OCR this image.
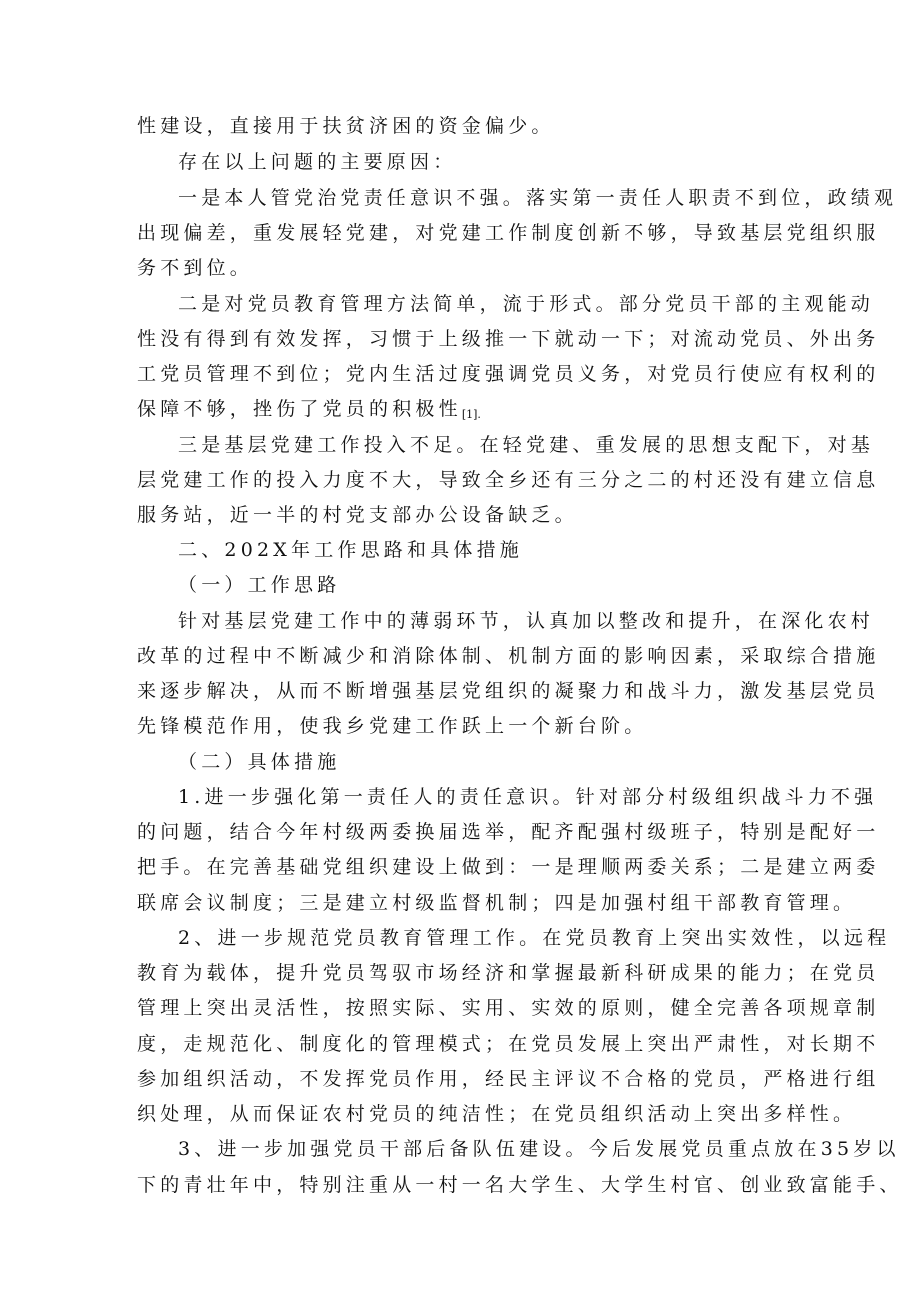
性建设，直接用于扶贫济困的资金偏少。

存在以上问题的主要原因：

一是本人管党治党责任意识不强。落实第一责任人职责不到位，政绩观

出现偏差，重发展轻党建，对党建工作制度创新不够，导致基层党组织服

务不到位。

二是对党员教育管理方法简单，流于形式。部分党员干部的主观能动

性没有得到有效发挥，习惯于上级推一下就动一下；对流动党员、外出务

工党员管理不到位；党内生活过度强调党员义务，对党员行使应有权利的

保障不够，挫伤了党员的积极性$_{[1].}$

三是基层党建工作投入不足。在轻党建、重发展的思想支配下，对基

层党建工作的投入力度不大，导致全乡还有三分之二的村还没有建立信息

服务站，近一半的村党支部办公设备缺乏。

二、202X年工作思路和具体措施

（一）工作思路

针对基层党建工作中的薄弱环节，认真加以整改和提升，在深化农村

改革的过程中不断减少和消除体制、机制方面的影响因素，采取综合措施

来逐步解决，从而不断增强基层党组织的凝聚力和战斗力，激发基层党员

先锋模范作用，使我乡党建工作跃上一个新台阶。

（二）具体措施

1.进一步强化第一责任人的责任意识。针对部分村级组织战斗力不强

的问题，结合今年村级两委换届选举，配齐配强村级班子，特别是配好一

把手。在完善基础党组织建设上做到：一是理顺两委关系；二是建立两委

联席会议制度；三是建立村级监督机制；四是加强村组干部教育管理。

2、进一步规范党员教育管理工作。在党员教育上突出实效性，以远程

教育为载体，提升党员驾驭市场经济和掌握最新科研成果的能力；在党员

管理上突出灵活性，按照实际、实用、实效的原则，健全完善各项规章制

度，走规范化、制度化的管理模式；在党员发展上突出严肃性，对长期不

参加组织活动，不发挥党员作用，经民主评议不合格的党员，严格进行组

织处理，从而保证农村党员的纯洁性；在党员组织活动上突出多样性。

3、进一步加强党员干部后备队伍建设。今后发展党员重点放在35岁以

下的青壮年中，特别注重从一村一名大学生、大学生村官、创业致富能手、
